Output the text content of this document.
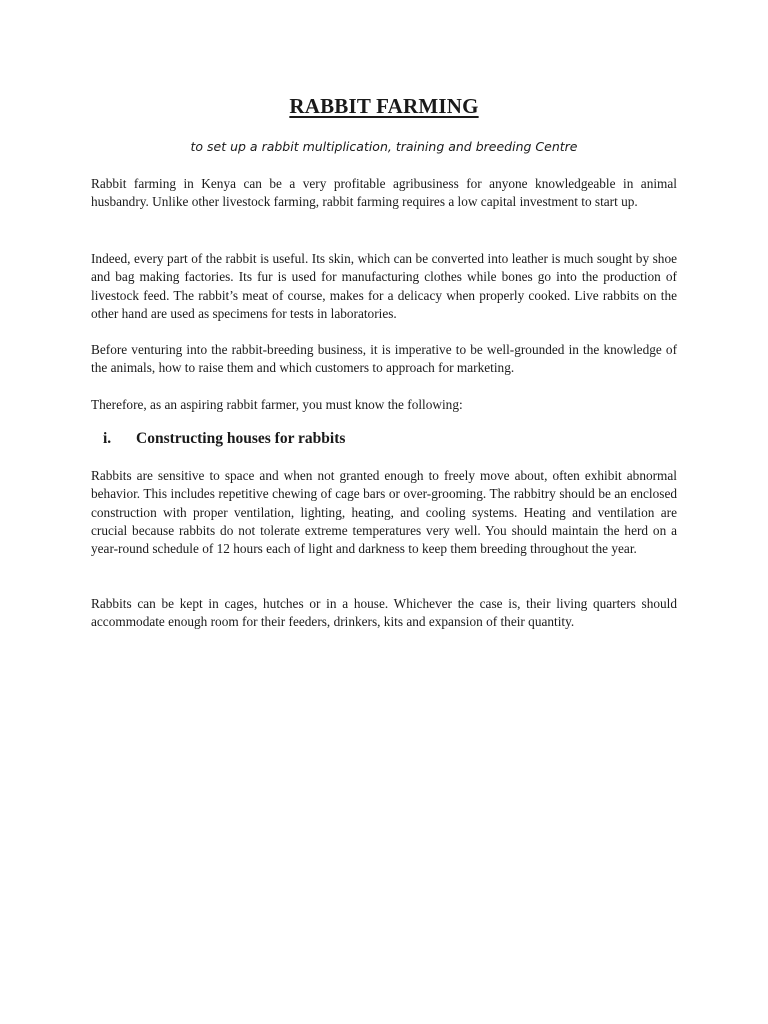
RABBIT FARMING

to set up a rabbit multiplication, training and breeding Centre

Rabbit farming in Kenya can be a very profitable agribusiness for anyone knowledgeable in animal husbandry. Unlike other livestock farming, rabbit farming requires a low capital investment to start up.

Indeed, every part of the rabbit is useful. Its skin, which can be converted into leather is much sought by shoe and bag making factories. Its fur is used for manufacturing clothes while bones go into the production of livestock feed. The rabbit’s meat of course, makes for a delicacy when properly cooked. Live rabbits on the other hand are used as specimens for tests in laboratories.

Before venturing into the rabbit-breeding business, it is imperative to be well-grounded in the knowledge of the animals, how to raise them and which customers to approach for marketing.

Therefore, as an aspiring rabbit farmer, you must know the following:

i. Constructing houses for rabbits

Rabbits are sensitive to space and when not granted enough to freely move about, often exhibit abnormal behavior. This includes repetitive chewing of cage bars or over-grooming. The rabbitry should be an enclosed construction with proper ventilation, lighting, heating, and cooling systems. Heating and ventilation are crucial because rabbits do not tolerate extreme temperatures very well. You should maintain the herd on a year-round schedule of 12 hours each of light and darkness to keep them breeding throughout the year.

Rabbits can be kept in cages, hutches or in a house. Whichever the case is, their living quarters should accommodate enough room for their feeders, drinkers, kits and expansion of their quantity.
